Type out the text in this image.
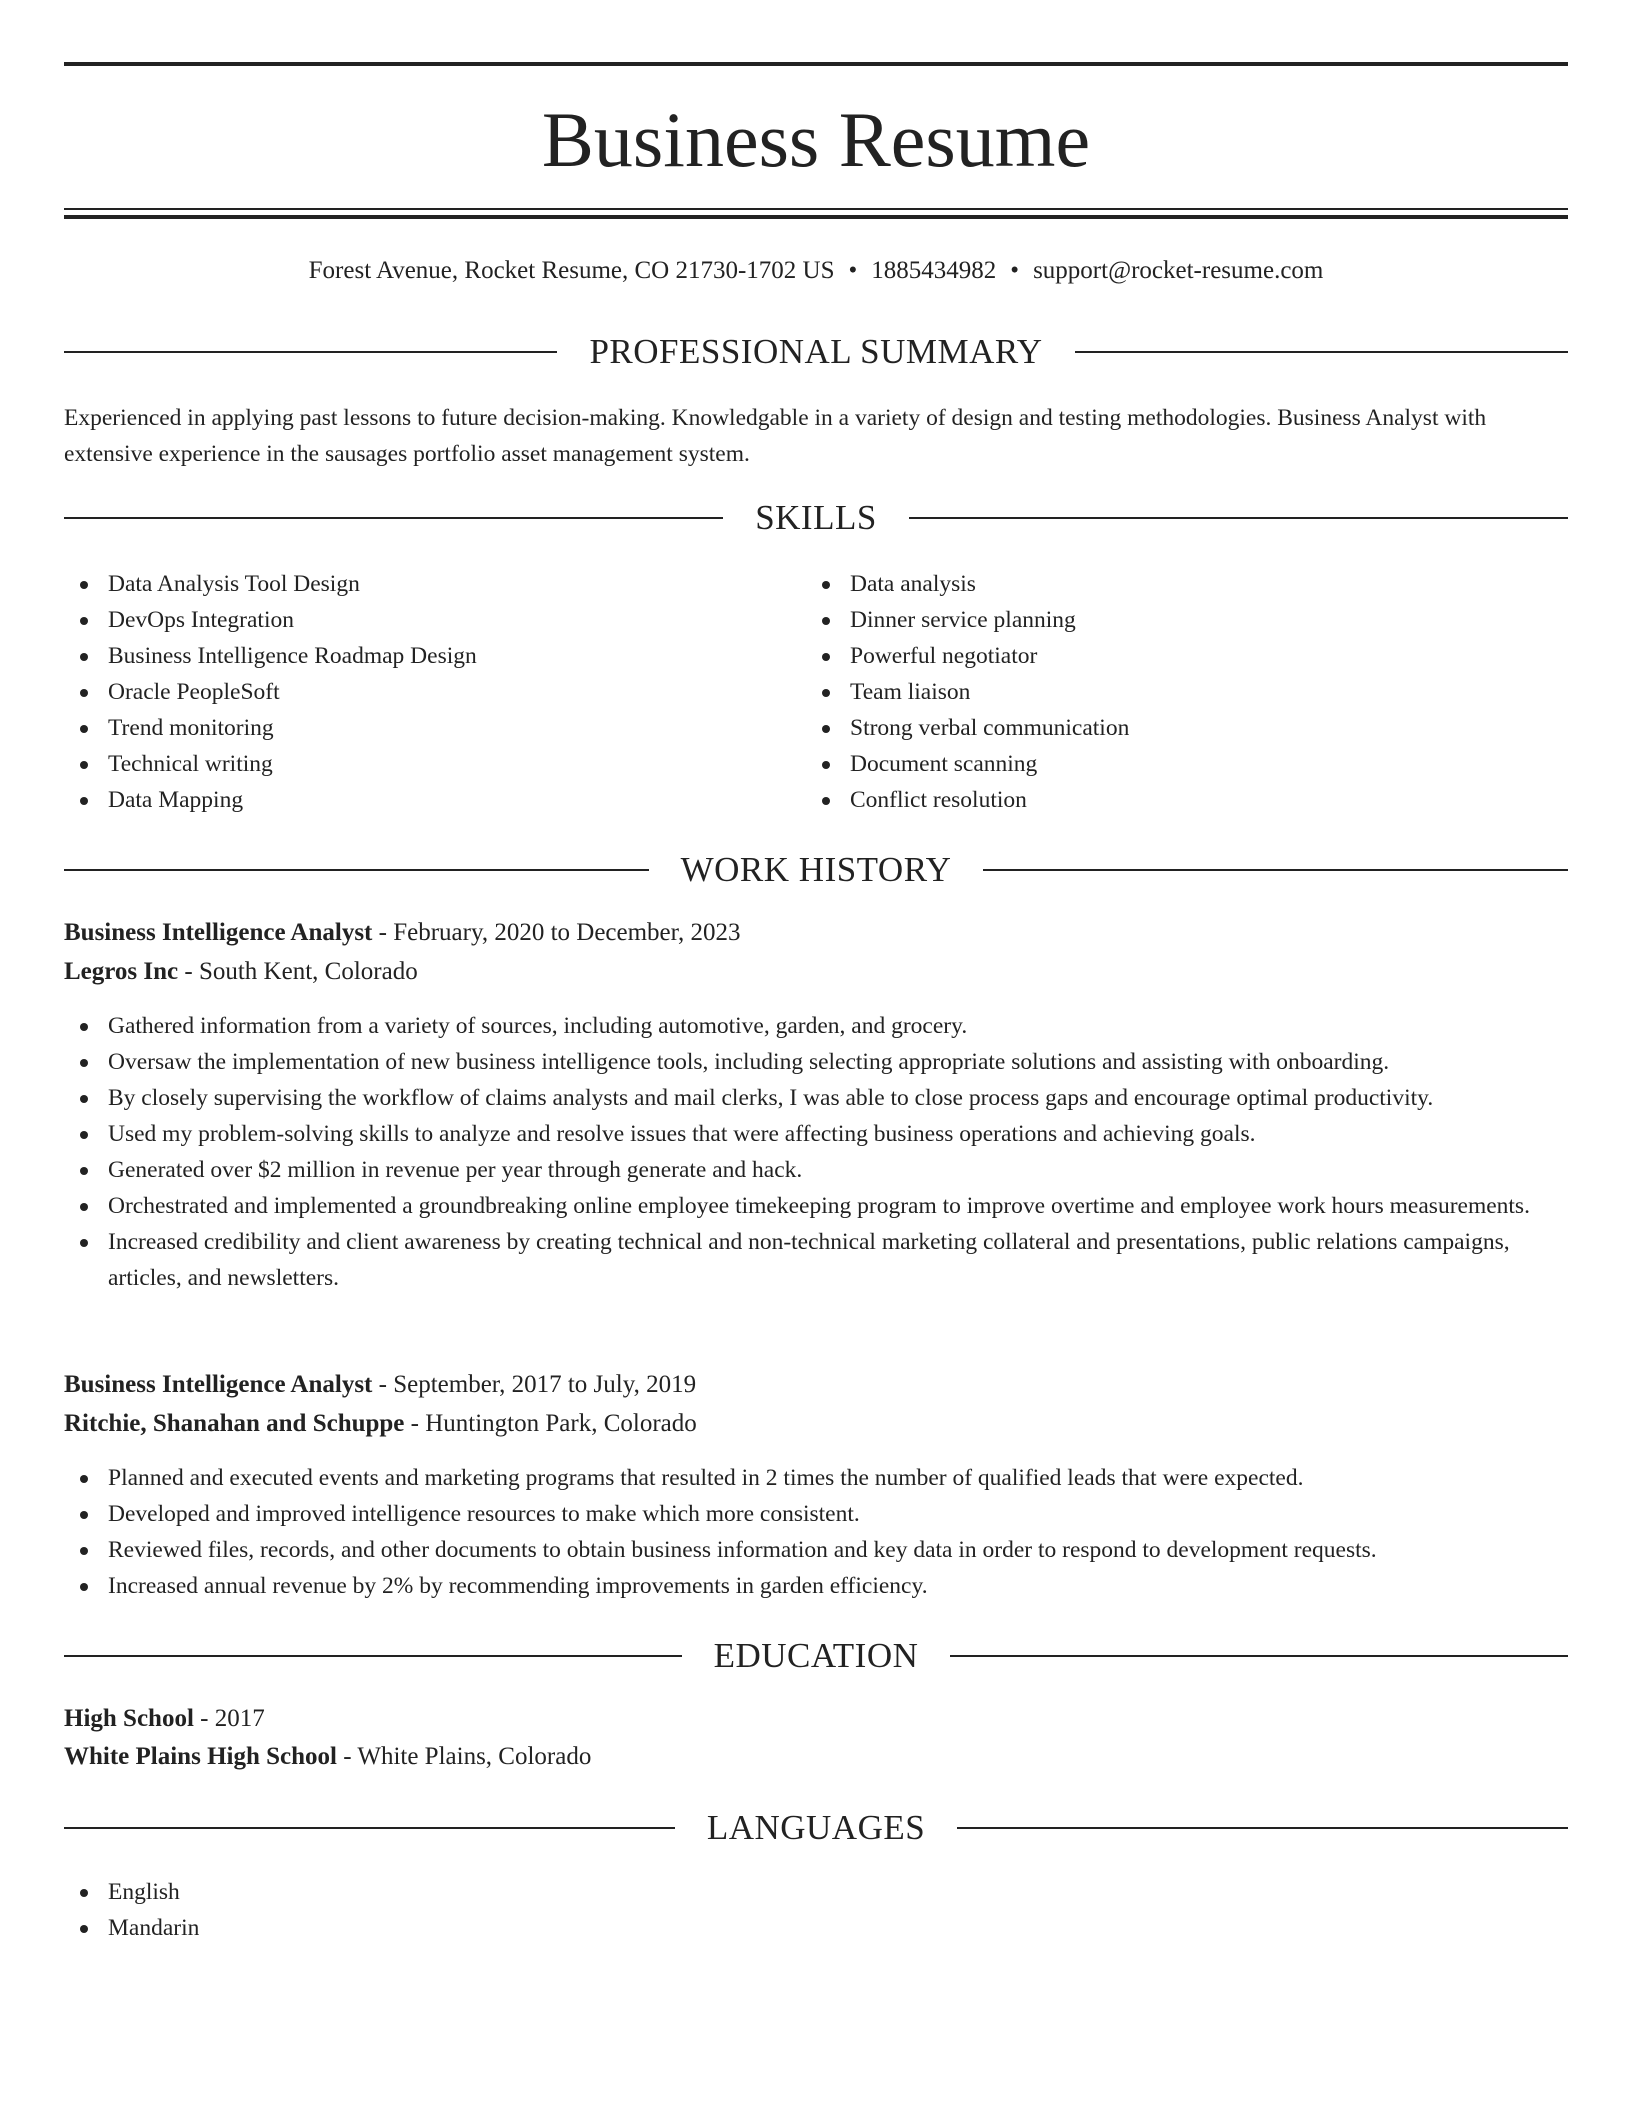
Business Resume
Forest Avenue, Rocket Resume, CO 21730-1702 US • 1885434982 • support@rocket-resume.com
PROFESSIONAL SUMMARY

Experienced in applying past lessons to future decision-making. Knowledgable in a variety of design and testing methodologies. Business Analyst with extensive experience in the sausages portfolio asset management system.

SKILLS
Data Analysis Tool Design
DevOps Integration
Business Intelligence Roadmap Design
Oracle PeopleSoft
Trend monitoring
Technical writing
Data Mapping
Data analysis
Dinner service planning
Powerful negotiator
Team liaison
Strong verbal communication
Document scanning
Conflict resolution
WORK HISTORY
Business Intelligence Analyst - February, 2020 to December, 2023
Legros Inc - South Kent, Colorado
Gathered information from a variety of sources, including automotive, garden, and grocery.
Oversaw the implementation of new business intelligence tools, including selecting appropriate solutions and assisting with onboarding.
By closely supervising the workflow of claims analysts and mail clerks, I was able to close process gaps and encourage optimal productivity.
Used my problem-solving skills to analyze and resolve issues that were affecting business operations and achieving goals.
Generated over $2 million in revenue per year through generate and hack.
Orchestrated and implemented a groundbreaking online employee timekeeping program to improve overtime and employee work hours measurements.
Increased credibility and client awareness by creating technical and non-technical marketing collateral and presentations, public relations campaigns, articles, and newsletters.
Business Intelligence Analyst - September, 2017 to July, 2019
Ritchie, Shanahan and Schuppe - Huntington Park, Colorado
Planned and executed events and marketing programs that resulted in 2 times the number of qualified leads that were expected.
Developed and improved intelligence resources to make which more consistent.
Reviewed files, records, and other documents to obtain business information and key data in order to respond to development requests.
Increased annual revenue by 2% by recommending improvements in garden efficiency.
EDUCATION
High School - 2017
White Plains High School - White Plains, Colorado
LANGUAGES
English
Mandarin
